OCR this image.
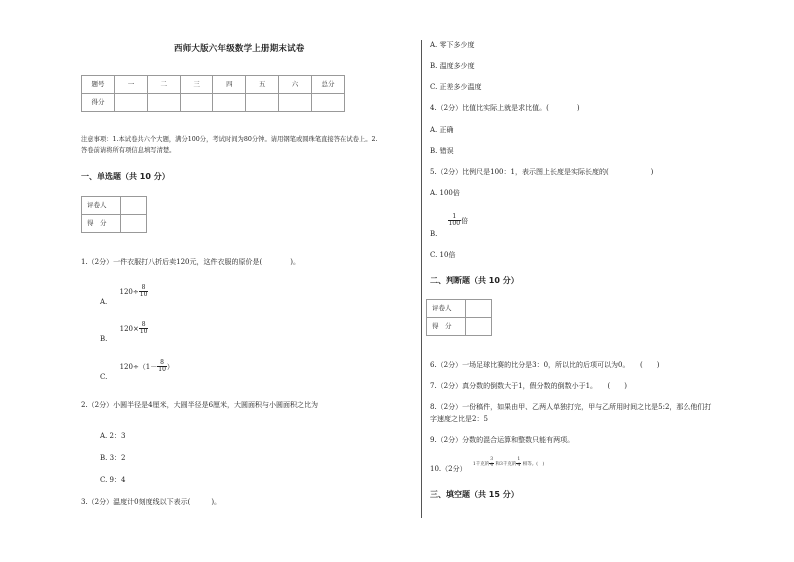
西师大版六年级数学上册期末试卷
题号	一	二	三	四	五	六	总分
得分							
注意事项：1.本试卷共六个大题，满分100分，考试时间为80分钟。请用钢笔或圆珠笔直接答在试卷上。2.
答卷前请将所有项信息填写清楚。
一、单选题（共 10 分）
评卷人	
得　分	
1.（2分）一件衣服打八折后卖120元，这件衣服的原价是(　　　　)。
A. $120\div \frac{8}{10}$
B. $120\times \frac{8}{10}$
C. $120\div(1- \frac{8}{10}$ ）
2.（2分）小圆半径是4厘米，大圆半径是6厘米，大圆面积与小圆面积之比为
A. 2：3
B. 3：2
C. 9：4
3.（2分）温度计0刻度线以下表示(　　　)。
A. 零下多少度
B. 温度多少度
C. 正差多少温度
4.（2分）比值比实际上就是求比值。(　　　　)
A. 正确
B. 错误
5.（2分）比例尺是100：1，表示图上长度是实际长度的(　　　　　　)
A. 100倍
B.
$\frac{1}{100}$ 倍
C. 10倍
二、判断题（共 10 分）
评卷人	
得　分	
6.（2分）一场足球比赛的比分是3：0，所以比的后项可以为0。　　(　　)
7.（2分）真分数的倒数大于1，假分数的倒数小于1。　　(　　)
8.（2分）一份稿件，如果由甲、乙两人单独打完，甲与乙所用时间之比是5:2，那么他们打
字速度之比是2：5
9.（2分）分数的混合运算和整数只能有两项。
10.（2分） 1千克的 $\frac{3}{4}$ 和3千克的 $\frac{1}{4}$ 相等。(　)
三、填空题（共 15 分）
